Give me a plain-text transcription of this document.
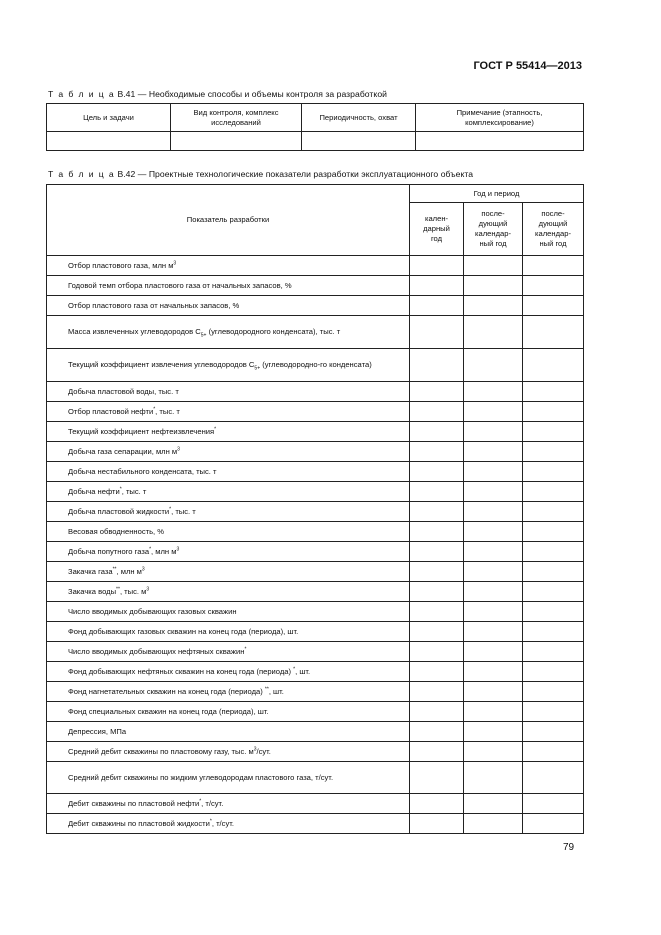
ГОСТ Р 55414—2013
Т а б л и ц а В.41 — Необходимые способы и объемы контроля за разработкой
Цель и задачи	Вид контроля, комплекс исследований	Периодичность, охват	Примечание (этапность, комплексирование)

Т а б л и ц а В.42 — Проектные технологические показатели разработки эксплуатационного объекта
Показатель разработки	Год и период		
	кален-дарный год	после-дующий календар-ный год	после-дующий календар-ный год
Отбор пластового газа, млн $м^3$			
Годовой темп отбора пластового газа от начальных запасов, %			
Отбор пластового газа от начальных запасов, %			
Масса извлеченных углеводородов $C_{5+}$ (углеводородного конденсата), тыс. т			
Текущий коэффициент извлечения углеводородов $C_{5+}$ (углеводородно-го конденсата)			
Добыча пластовой воды, тыс. т			
Отбор пластовой нефти*, тыс. т			
Текущий коэффициент нефтеизвлечения*			
Добыча газа сепарации, млн $м^3$			
Добыча нестабильного конденсата, тыс. т			
Добыча нефти*, тыс. т			
Добыча пластовой жидкости*, тыс. т			
Весовая обводненность, %			
Добыча попутного газа*, млн $м^3$			
Закачка газа**, млн $м^3$			
Закачка воды**, тыс. $м^3$			
Число вводимых добывающих газовых скважин			
Фонд добывающих газовых скважин на конец года (периода), шт.			
Число вводимых добывающих нефтяных скважин*			
Фонд добывающих нефтяных скважин на конец года (периода) *, шт.			
Фонд нагнетательных скважин на конец года (периода) **, шт.			
Фонд специальных скважин на конец года (периода), шт.			
Депрессия, МПа			
Средний дебит скважины по пластовому газу, тыс. $м^3$/сут.			
Средний дебит скважины по жидким углеводородам пластового газа, т/сут.			
Дебит скважины по пластовой нефти*, т/сут.			
Дебит скважины по пластовой жидкости*, т/сут.			
79
